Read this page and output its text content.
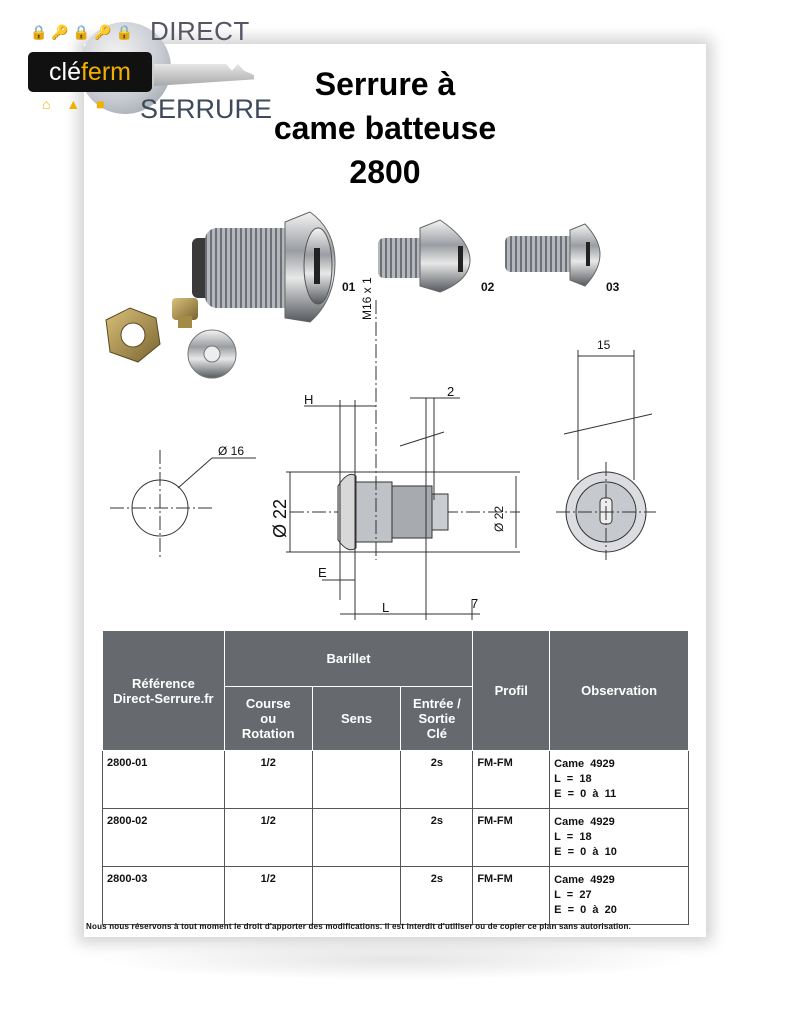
🔒🔑🔒🔑🔒
clé ferm
⌂ ▲ ■
DIRECT
SERRURE
Serrure à
came batteuse
2800
01	02	03
M16 x 1
H
2
15
Ø 16
Ø 22	Ø 22
E
L	7
Référence
Direct-Serrure.fr	Barillet			Profil	Observation
	Course
ou
Rotation	Sens	Entrée /
Sortie
Clé		
2800-01	1/2		2s	FM-FM	Came  4929
L  =  18
E  =  0  à  11
2800-02	1/2		2s	FM-FM	Came  4929
L  =  18
E  =  0  à  10
2800-03	1/2		2s	FM-FM	Came  4929
L  =  27
E  =  0  à  20
Nous nous réservons à tout moment le droit d'apporter des modifications. Il est interdit d'utiliser ou de copier ce plan sans autorisation.
